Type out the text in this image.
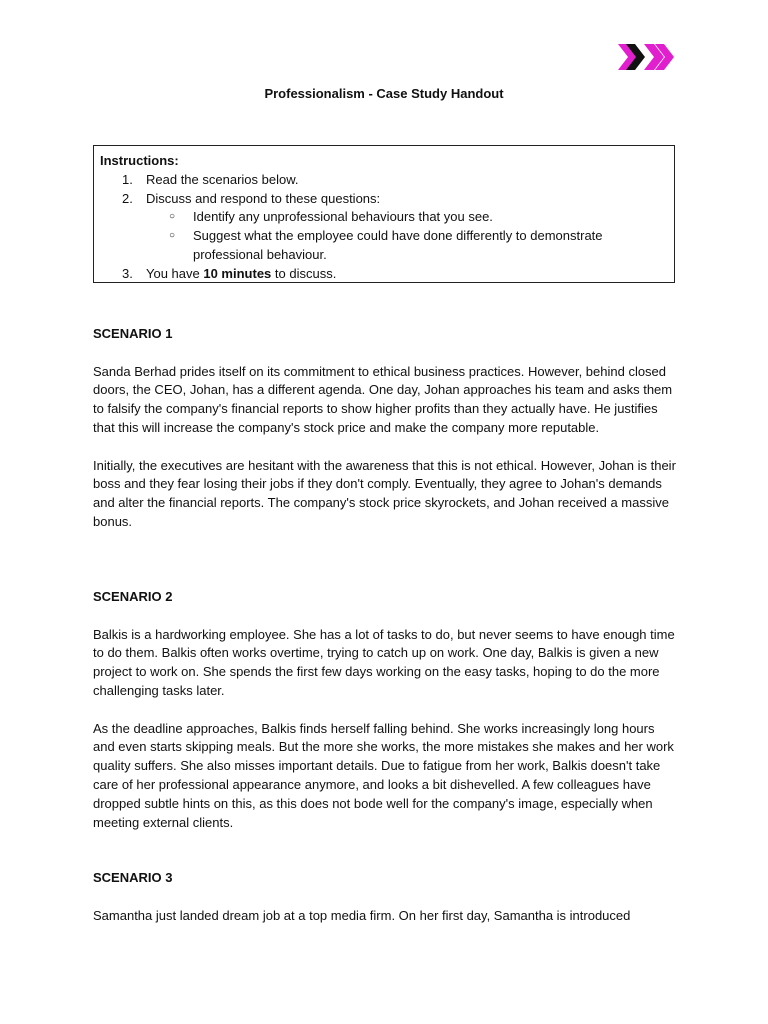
Professionalism - Case Study Handout
Instructions:
1. Read the scenarios below.
2. Discuss and respond to these questions:
○ Identify any unprofessional behaviours that you see.
○ Suggest what the employee could have done differently to demonstrate professional behaviour.
3. You have 10 minutes to discuss.

SCENARIO 1

Sanda Berhad prides itself on its commitment to ethical business practices. However, behind closed doors, the CEO, Johan, has a different agenda. One day, Johan approaches his team and asks them to falsify the company's financial reports to show higher profits than they actually have. He justifies that this will increase the company's stock price and make the company more reputable.

Initially, the executives are hesitant with the awareness that this is not ethical. However, Johan is their boss and they fear losing their jobs if they don't comply. Eventually, they agree to Johan's demands and alter the financial reports. The company's stock price skyrockets, and Johan received a massive bonus.

SCENARIO 2

Balkis is a hardworking employee. She has a lot of tasks to do, but never seems to have enough time to do them. Balkis often works overtime, trying to catch up on work. One day, Balkis is given a new project to work on. She spends the first few days working on the easy tasks, hoping to do the more challenging tasks later.

As the deadline approaches, Balkis finds herself falling behind. She works increasingly long hours and even starts skipping meals. But the more she works, the more mistakes she makes and her work quality suffers. She also misses important details. Due to fatigue from her work, Balkis doesn't take care of her professional appearance anymore, and looks a bit dishevelled. A few colleagues have dropped subtle hints on this, as this does not bode well for the company's image, especially when meeting external clients.

SCENARIO 3

Samantha just landed dream job at a top media firm. On her first day, Samantha is introduced
